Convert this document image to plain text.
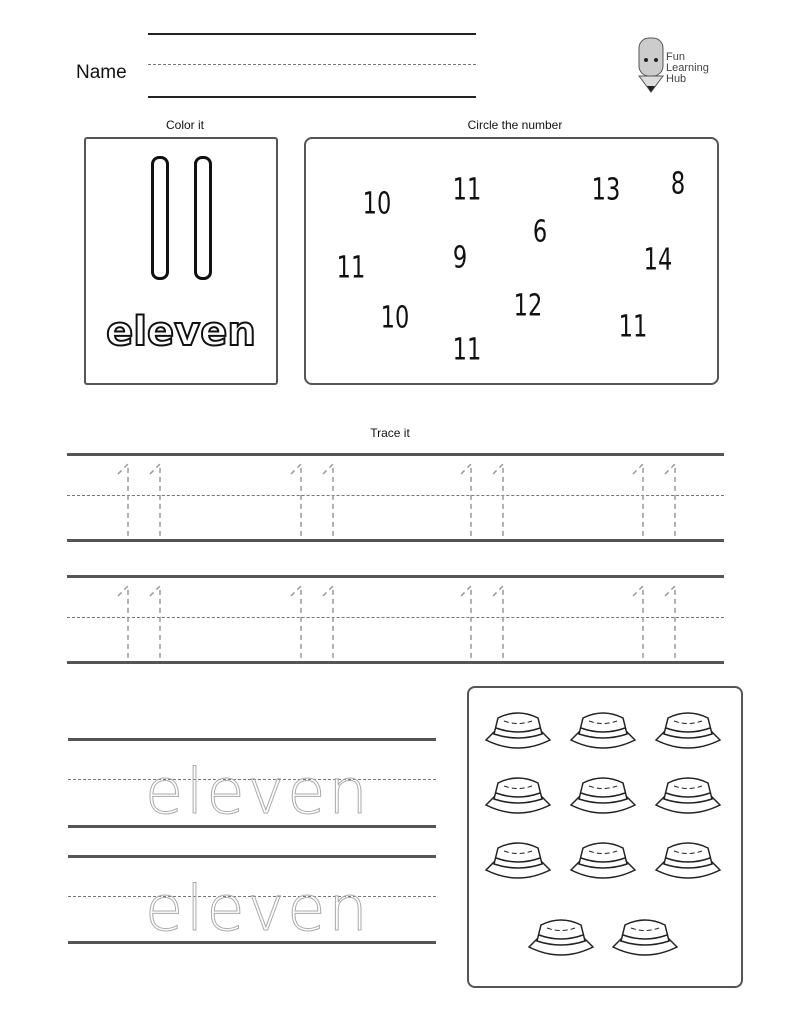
Name
Fun Learning Hub
Color it	Circle the number
eleven
10 11	13 8
6
9	14
11
10	12
11
11
Trace it
eleven
eleven
